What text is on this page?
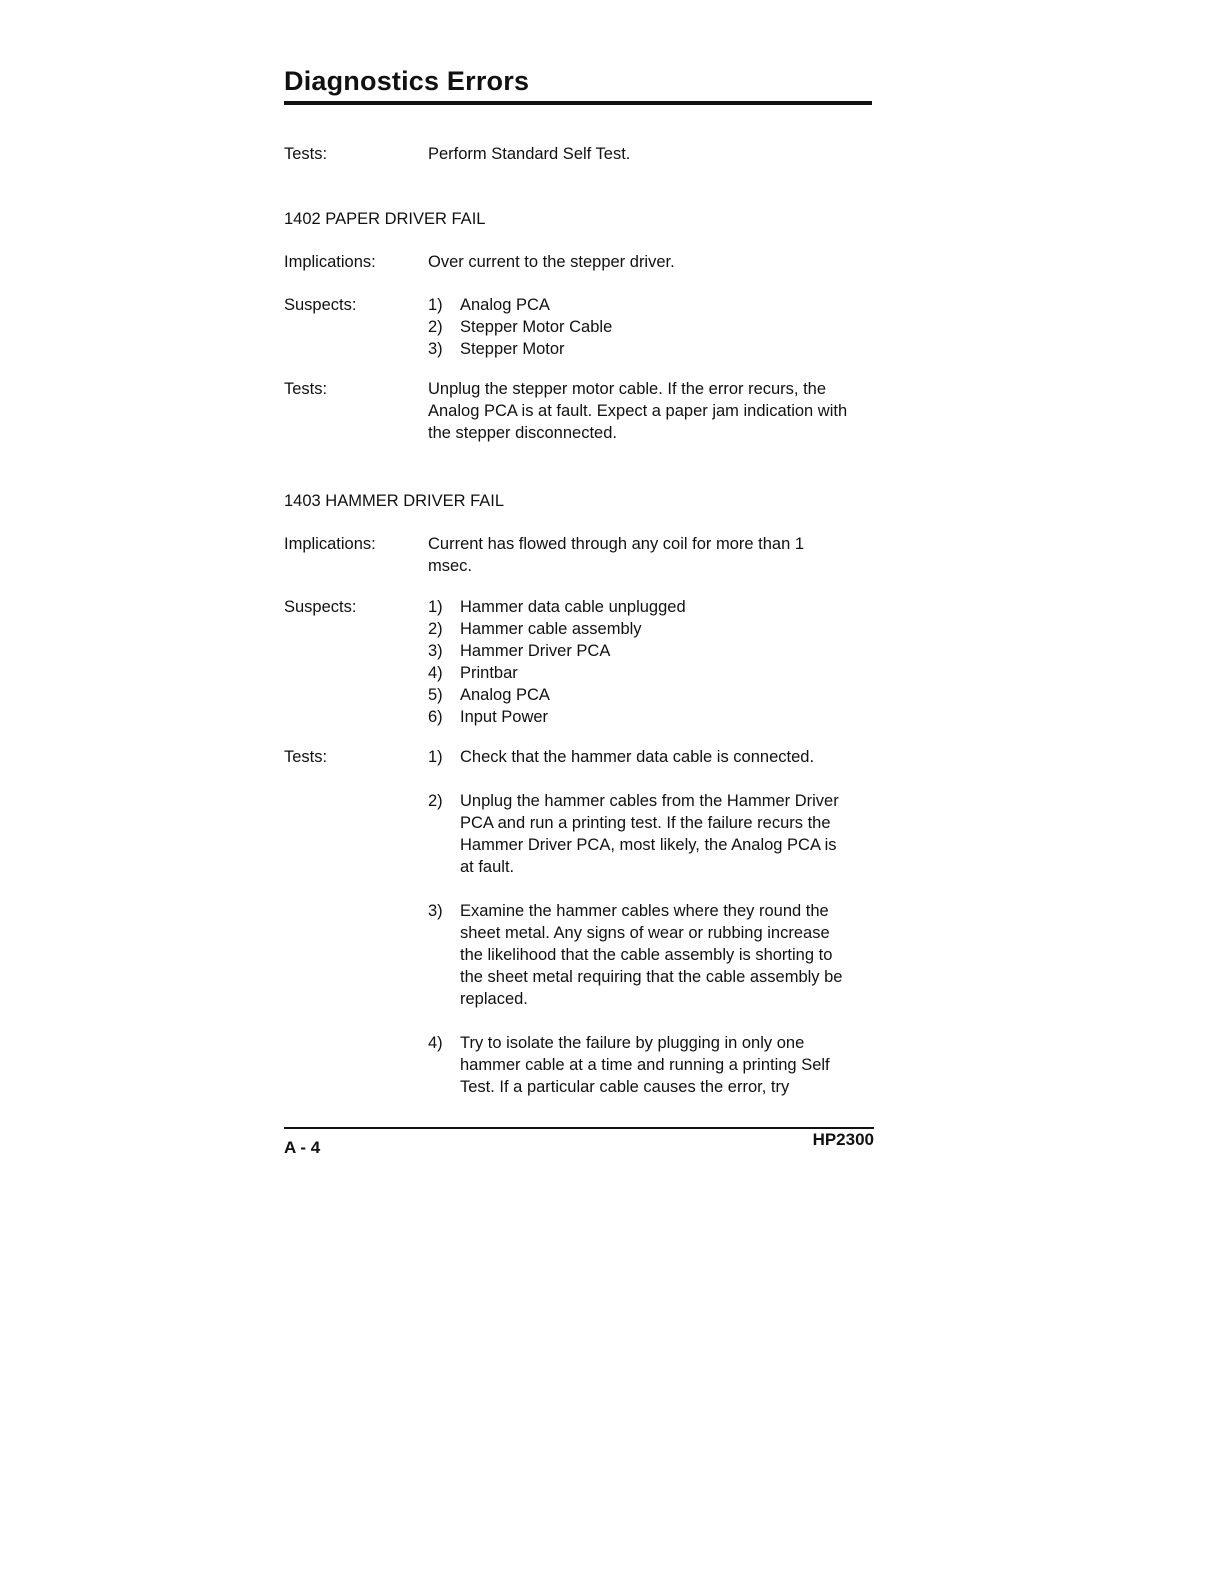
Diagnostics Errors
Tests:	Perform Standard Self Test.
1402 PAPER DRIVER FAIL
Implications:	Over current to the stepper driver.
Suspects:	1) Analog PCA
2) Stepper Motor Cable
3) Stepper Motor
Tests:	Unplug the stepper motor cable. If the error recurs, the Analog PCA is at fault. Expect a paper jam indication with the stepper disconnected.
1403 HAMMER DRIVER FAIL
Implications:	Current has flowed through any coil for more than 1 msec.
Suspects:	1) Hammer data cable unplugged
2) Hammer cable assembly
3) Hammer Driver PCA
4) Printbar
5) Analog PCA
6) Input Power
Tests:	1) Check that the hammer data cable is connected.
2) Unplug the hammer cables from the Hammer Driver PCA and run a printing test. If the failure recurs the Hammer Driver PCA, most likely, the Analog PCA is at fault.
3) Examine the hammer cables where they round the sheet metal. Any signs of wear or rubbing increase the likelihood that the cable assembly is shorting to the sheet metal requiring that the cable assembly be replaced.
4) Try to isolate the failure by plugging in only one hammer cable at a time and running a printing Self Test. If a particular cable causes the error, try
A - 4	HP2300
